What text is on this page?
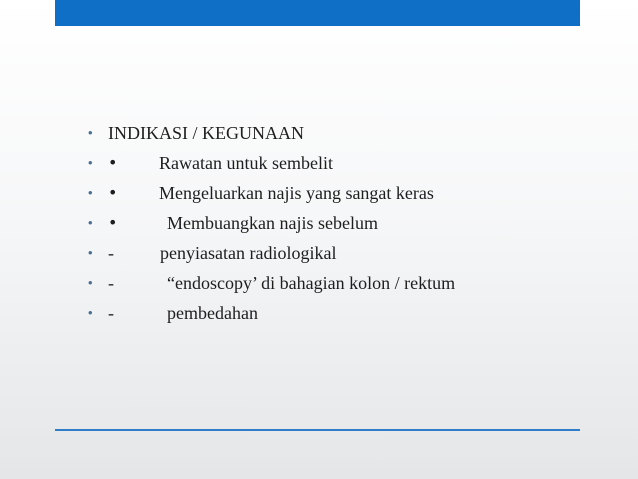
• INDIKASI / KEGUNAAN
• • Rawatan untuk sembelit
• • Mengeluarkan najis yang sangat keras
• •	Membuangkan najis sebelum
• -	penyiasatan radiologikal
• -	“endoscopy’ di bahagian kolon / rektum
• -	pembedahan
